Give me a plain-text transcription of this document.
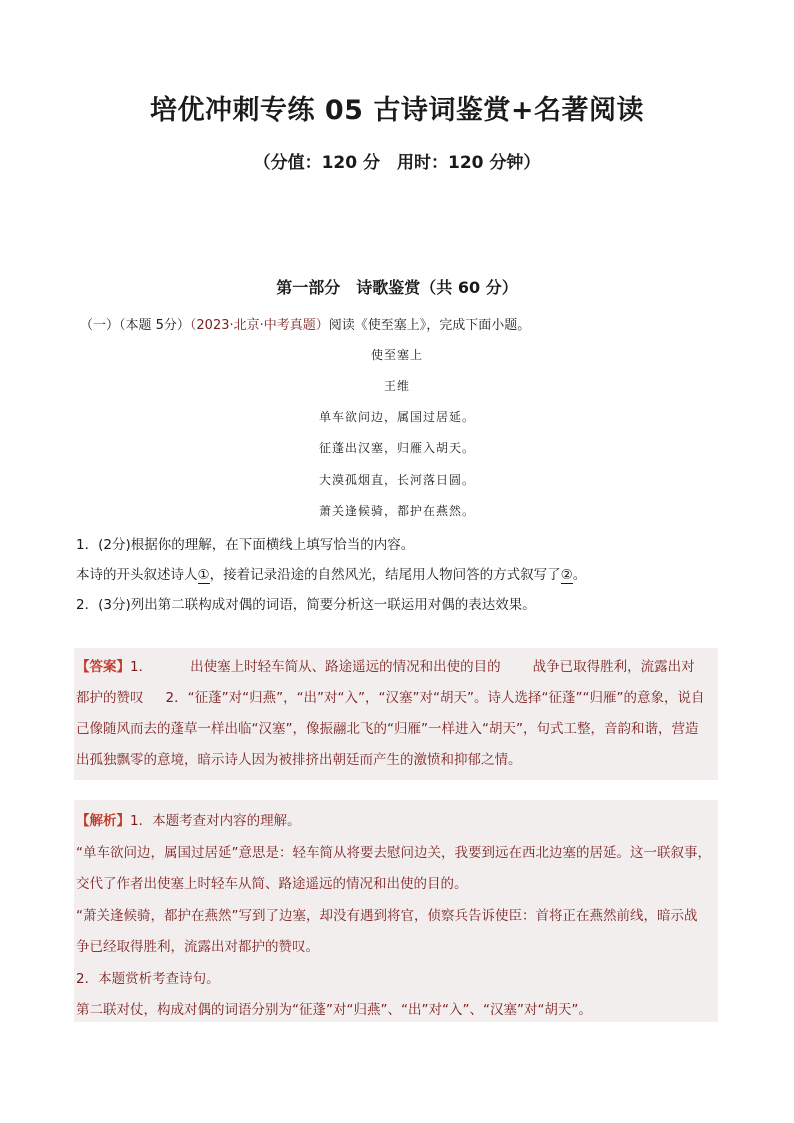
培优冲刺专练 05 古诗词鉴赏+名著阅读
（分值：120 分　用时：120 分钟）
第一部分　诗歌鉴赏（共 60 分）
（一）（本题 5分）（2023·北京·中考真题）阅读《使至塞上》，完成下面小题。
使至塞上
王维
单车欲问边，属国过居延。
征蓬出汉塞，归雁入胡天。
大漠孤烟直，长河落日圆。
萧关逢候骑，都护在燕然。
1．(2分)根据你的理解，在下面横线上填写恰当的内容。
本诗的开头叙述诗人①，接着记录沿途的自然风光，结尾用人物问答的方式叙写了②。
2．(3分)列出第二联构成对偶的词语，简要分析这一联运用对偶的表达效果。
【答案】1．	出使塞上时轻车简从、路途遥远的情况和出使的目的 战争已取得胜利，流露出对
都护的赞叹 2．“征蓬”对“归燕”，“出”对“入”，“汉塞”对“胡天”。诗人选择“征蓬”“归雁”的意象，说自
己像随风而去的蓬草一样出临“汉塞”，像振翮北飞的“归雁”一样进入“胡天”，句式工整，音韵和谐，营造
出孤独飘零的意境，暗示诗人因为被排挤出朝廷而产生的激愤和抑郁之情。
【解析】1．本题考查对内容的理解。
“单车欲问边，属国过居延”意思是：轻车简从将要去慰问边关，我要到远在西北边塞的居延。这一联叙事，
交代了作者出使塞上时轻车从简、路途遥远的情况和出使的目的。
“萧关逢候骑，都护在燕然”写到了边塞，却没有遇到将官，侦察兵告诉使臣：首将正在燕然前线，暗示战
争已经取得胜利，流露出对都护的赞叹。
2．本题赏析考查诗句。
第二联对仗，构成对偶的词语分别为“征蓬”对“归燕”、“出”对“入”、“汉塞”对“胡天”。
